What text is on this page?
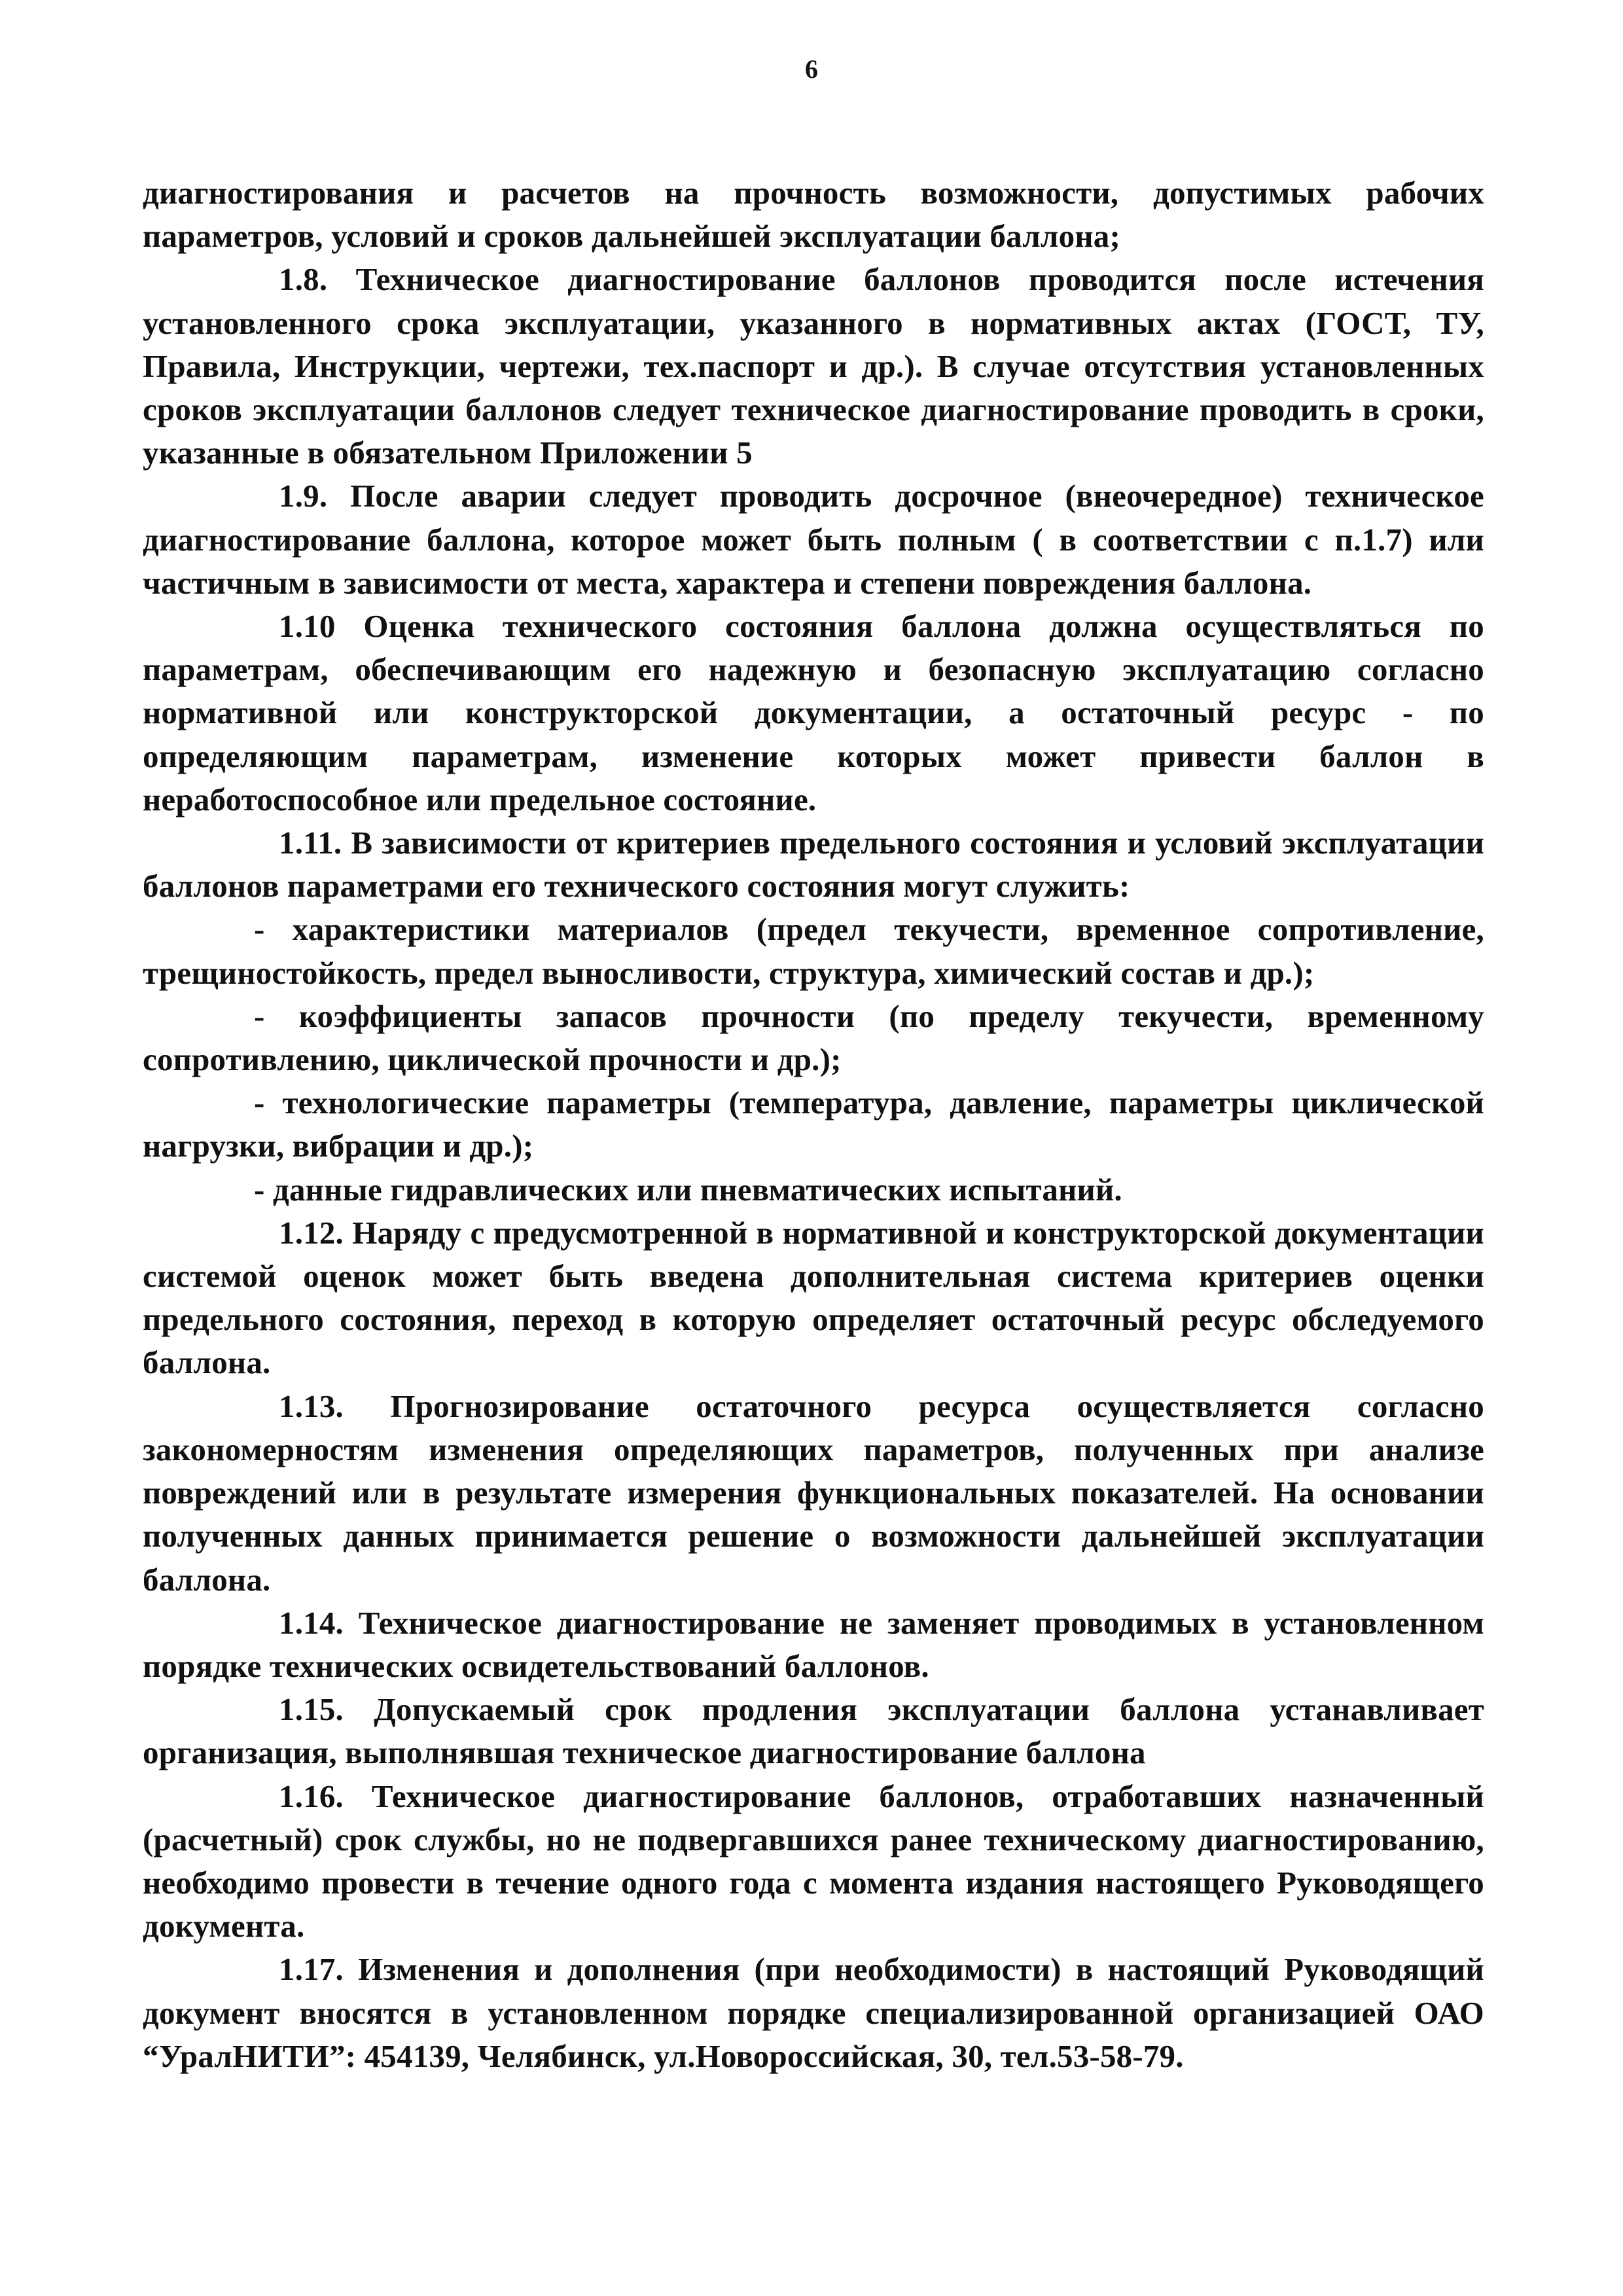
6

диагностирования и расчетов на прочность возможности, допустимых рабочих параметров, условий и сроков дальнейшей эксплуатации баллона;

1.8. Техническое диагностирование баллонов проводится после истечения установленного срока эксплуатации, указанного в нормативных актах (ГОСТ, ТУ, Правила, Инструкции, чертежи, тех.паспорт и др.). В случае отсутствия установленных сроков эксплуатации баллонов следует техническое диагностирование проводить в сроки, указанные в обязательном Приложении 5

1.9. После аварии следует проводить досрочное (внеочередное) техническое диагностирование баллона, которое может быть полным ( в соответствии с п.1.7) или частичным в зависимости от места, характера и степени повреждения баллона.

1.10 Оценка технического состояния баллона должна осуществляться по параметрам, обеспечивающим его надежную и безопасную эксплуатацию согласно нормативной или конструкторской документации, а остаточный ресурс - по определяющим параметрам, изменение которых может привести баллон в неработоспособное или предельное состояние.

1.11. В зависимости от критериев предельного состояния и условий эксплуатации баллонов параметрами его технического состояния могут служить:

- характеристики материалов (предел текучести, временное сопротивление, трещиностойкость, предел выносливости, структура, химический состав и др.);

- коэффициенты запасов прочности (по пределу текучести, временному сопротивлению, циклической прочности и др.);

- технологические параметры (температура, давление, параметры циклической нагрузки, вибрации и др.);

- данные гидравлических или пневматических испытаний.

1.12. Наряду с предусмотренной в нормативной и конструкторской документации системой оценок может быть введена дополнительная система критериев оценки предельного состояния, переход в которую определяет остаточный ресурс обследуемого баллона.

1.13. Прогнозирование остаточного ресурса осуществляется согласно закономерностям изменения определяющих параметров, полученных при анализе повреждений или в результате измерения функциональных показателей. На основании полученных данных принимается решение о возможности дальнейшей эксплуатации баллона.

1.14. Техническое диагностирование не заменяет проводимых в установленном порядке технических освидетельствований баллонов.

1.15. Допускаемый срок продления эксплуатации баллона устанавливает организация, выполнявшая техническое диагностирование баллона

1.16. Техническое диагностирование баллонов, отработавших назначенный (расчетный) срок службы, но не подвергавшихся ранее техническому диагностированию, необходимо провести в течение одного года с момента издания настоящего Руководящего документа.

1.17. Изменения и дополнения (при необходимости) в настоящий Руководящий документ вносятся в установленном порядке специализированной организацией ОАО “УралНИТИ”: 454139, Челябинск, ул.Новороссийская, 30, тел.53-58-79.
